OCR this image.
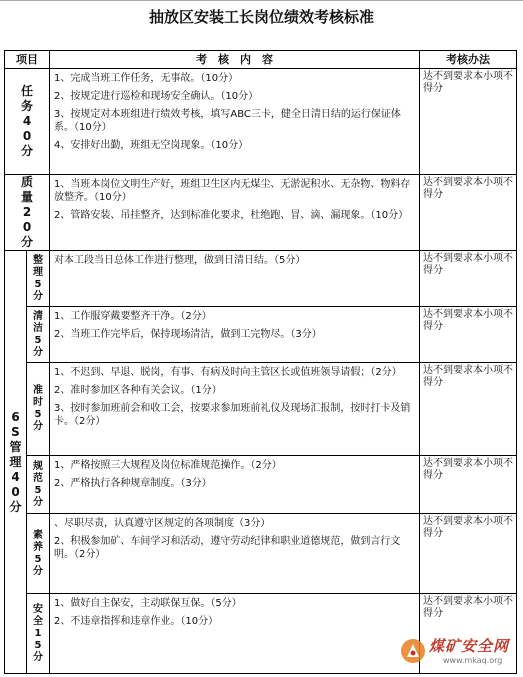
抽放区安装工长岗位绩效考核标准
项目		考　核　内　容	考核办法
任务40分		1、完成当班工作任务，无事故。（10分）

2、按规定进行巡检和现场安全确认。（10分）

3、按规定对本班组进行绩效考核，填写ABC三卡，健全日清日结的运行保证体系。（10分）

4、安排好出勤，班组无空岗现象。（10分）	达不到要求本小项不得分
质量20分		1、当班本岗位文明生产好，班组卫生区内无煤尘、无淤泥积水、无杂物、物料存放整齐。（10分）

2、管路安装、吊挂整齐，达到标准化要求，杜绝跑、冒、滴、漏现象。（10分）	达不到要求本小项不得分
6S管理40分	整理5分	对本工段当日总体工作进行整理，做到日清日结。（5分）	达不到要求本小项不得分
	清洁5分	1、工作服穿戴要整齐干净。（2分）

2、当班工作完毕后，保持现场清洁，做到工完物尽。（3分）	达不到要求本小项不得分
	准时5分	1、不迟到、早退、脱岗，有事、有病及时向主管区长或值班领导请假；（2分）

2、准时参加区各种有关会议。（1分）

3、按时参加班前会和收工会，按要求参加班前礼仪及现场汇报制，按时打卡及销卡。（2分）	达不到要求本小项不得分
	规范5分	1、严格按照三大规程及岗位标准规范操作。（2分）

2、严格执行各种规章制度。（3分）	达不到要求本小项不得分
	素养5分	、尽职尽责，认真遵守区规定的各项制度（3分）

2、积极参加矿、车间学习和活动，遵守劳动纪律和职业道德规范，做到言行文明。（2分）	达不到要求本小项不得分
	安全15分	1、做好自主保安，主动联保互保。（5分）

2、不违章指挥和违章作业。（10分）	达不到要求本小项不得分
煤矿安全网
www.mkaq.org
